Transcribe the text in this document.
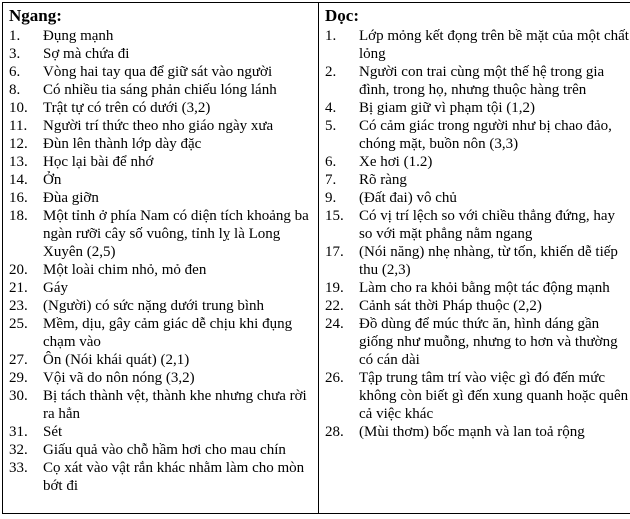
Ngang:
1.	Đụng mạnh
3.	Sợ mà chứa đi
6.	Vòng hai tay qua để giữ sát vào người
8.	Có nhiều tia sáng phản chiếu lóng lánh
10.	Trật tự có trên có dưới (3,2)
11.	Người trí thức theo nho giáo ngày xưa
12.	Đùn lên thành lớp dày đặc
13.	Học lại bài để nhớ
14.	Ởn
16.	Đùa giỡn
18.	Một tỉnh ở phía Nam có diện tích khoảng ba ngàn rưỡi cây số vuông, tỉnh lỵ là Long Xuyên (2,5)
20.	Một loài chim nhỏ, mỏ đen
21.	Gáy
23.	(Người) có sức nặng dưới trung bình
25.	Mềm, dịu, gây cảm giác dễ chịu khi đụng chạm vào
27.	Ôn (Nói khái quát) (2,1)
29.	Vội vã do nôn nóng (3,2)
30.	Bị tách thành vệt, thành khe nhưng chưa rời ra hẳn
31.	Sét
32.	Giấu quả vào chỗ hầm hơi cho mau chín
33.	Cọ xát vào vật rắn khác nhằm làm cho mòn bớt đi

Dọc:
1.	Lớp mỏng kết đọng trên bề mặt của một chất lỏng
2.	Người con trai cùng một thế hệ trong gia đình, trong họ, nhưng thuộc hàng trên
4.	Bị giam giữ vì phạm tội (1,2)
5.	Có cảm giác trong người như bị chao đảo, chóng mặt, buồn nôn (3,3)
6.	Xe hơi (1.2)
7.	Rõ ràng
9.	(Đất đai) vô chủ
15.	Có vị trí lệch so với chiều thẳng đứng, hay so với mặt phẳng nằm ngang
17.	(Nói năng) nhẹ nhàng, từ tốn, khiến dễ tiếp thu (2,3)
19.	Làm cho ra khỏi bằng một tác động mạnh
22.	Cảnh sát thời Pháp thuộc (2,2)
24.	Đồ dùng để múc thức ăn, hình dáng gần giống như muỗng, nhưng to hơn và thường có cán dài
26.	Tập trung tâm trí vào việc gì đó đến mức không còn biết gì đến xung quanh hoặc quên cả việc khác
28.	(Mùi thơm) bốc mạnh và lan toả rộng
